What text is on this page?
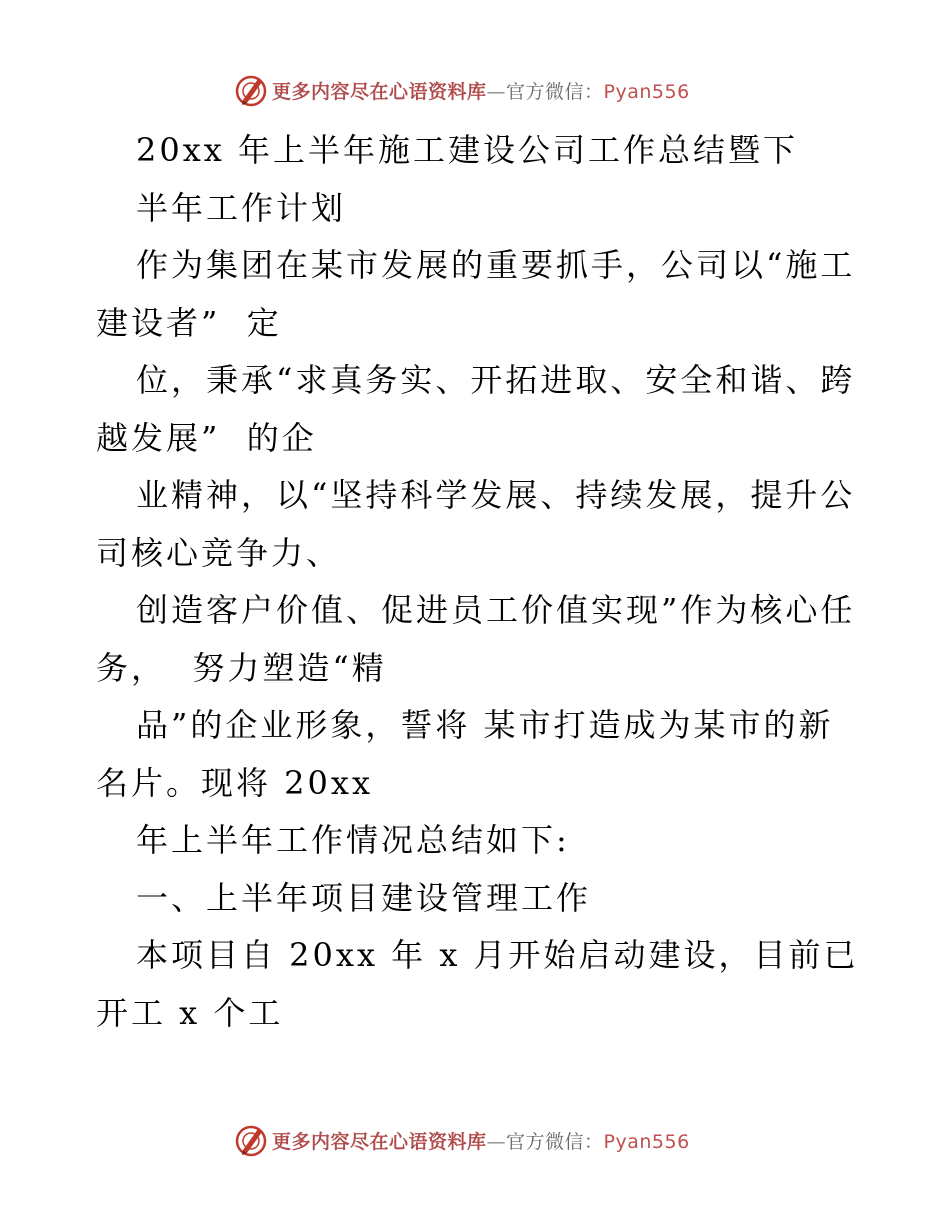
更多内容尽在心语资料库—官方微信：Pyan556
20xx 年上半年施工建设公司工作总结暨下
半年工作计划
作为集团在某市发展的重要抓手，公司以“施工
建设者”  定
位，秉承“求真务实、开拓进取、安全和谐、跨
越发展”  的企
业精神，以“坚持科学发展、持续发展，提升公
司核心竞争力、
创造客户价值、促进员工价值实现”作为核心任
务，  努力塑造“精
品”的企业形象，誓将 某市打造成为某市的新
名片。现将 20xx
年上半年工作情况总结如下:
一、上半年项目建设管理工作
本项目自 20xx 年 x 月开始启动建设，目前已
开工 x 个工
更多内容尽在心语资料库—官方微信：Pyan556
